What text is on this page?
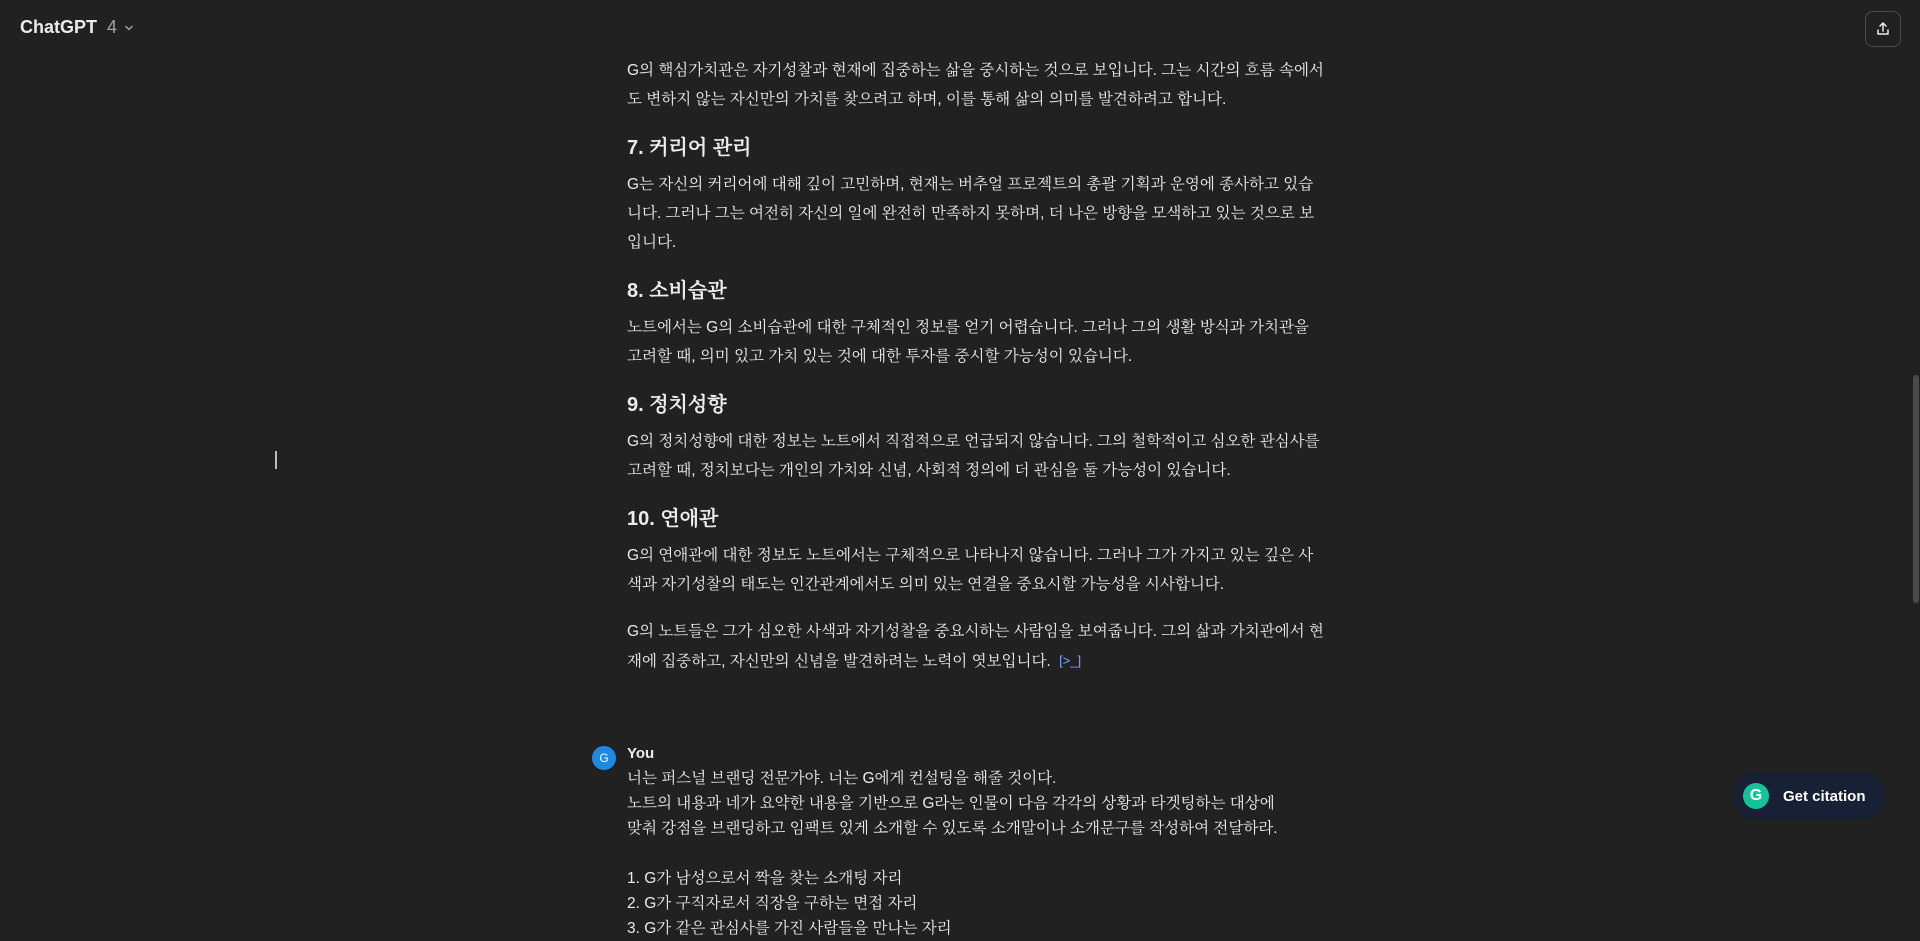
ChatGPT 4

G의 핵심가치관은 자기성찰과 현재에 집중하는 삶을 중시하는 것으로 보입니다. 그는 시간의 흐름 속에서도 변하지 않는 자신만의 가치를 찾으려고 하며, 이를 통해 삶의 의미를 발견하려고 합니다.

7. 커리어 관리

G는 자신의 커리어에 대해 깊이 고민하며, 현재는 버추얼 프로젝트의 총괄 기획과 운영에 종사하고 있습니다. 그러나 그는 여전히 자신의 일에 완전히 만족하지 못하며, 더 나은 방향을 모색하고 있는 것으로 보입니다.

8. 소비습관

노트에서는 G의 소비습관에 대한 구체적인 정보를 얻기 어렵습니다. 그러나 그의 생활 방식과 가치관을 고려할 때, 의미 있고 가치 있는 것에 대한 투자를 중시할 가능성이 있습니다.

9. 정치성향

G의 정치성향에 대한 정보는 노트에서 직접적으로 언급되지 않습니다. 그의 철학적이고 심오한 관심사를 고려할 때, 정치보다는 개인의 가치와 신념, 사회적 정의에 더 관심을 둘 가능성이 있습니다.

10. 연애관

G의 연애관에 대한 정보도 노트에서는 구체적으로 나타나지 않습니다. 그러나 그가 가지고 있는 깊은 사색과 자기성찰의 태도는 인간관계에서도 의미 있는 연결을 중요시할 가능성을 시사합니다.

G의 노트들은 그가 심오한 사색과 자기성찰을 중요시하는 사람임을 보여줍니다. 그의 삶과 가치관에서 현재에 집중하고, 자신만의 신념을 발견하려는 노력이 엿보입니다. [>_]

G	You
너는 퍼스널 브랜딩 전문가야. 너는 G에게 컨설팅을 해줄 것이다.
노트의 내용과 네가 요약한 내용을 기반으로 G라는 인물이 다음 각각의 상황과 타겟팅하는 대상에
맞춰 강점을 브랜딩하고 임팩트 있게 소개할 수 있도록 소개말이나 소개문구를 작성하여 전달하라.
1. G가 남성으로서 짝을 찾는 소개팅 자리
2. G가 구직자로서 직장을 구하는 면접 자리
3. G가 같은 관심사를 가진 사람들을 만나는 자리
G	Get citation
